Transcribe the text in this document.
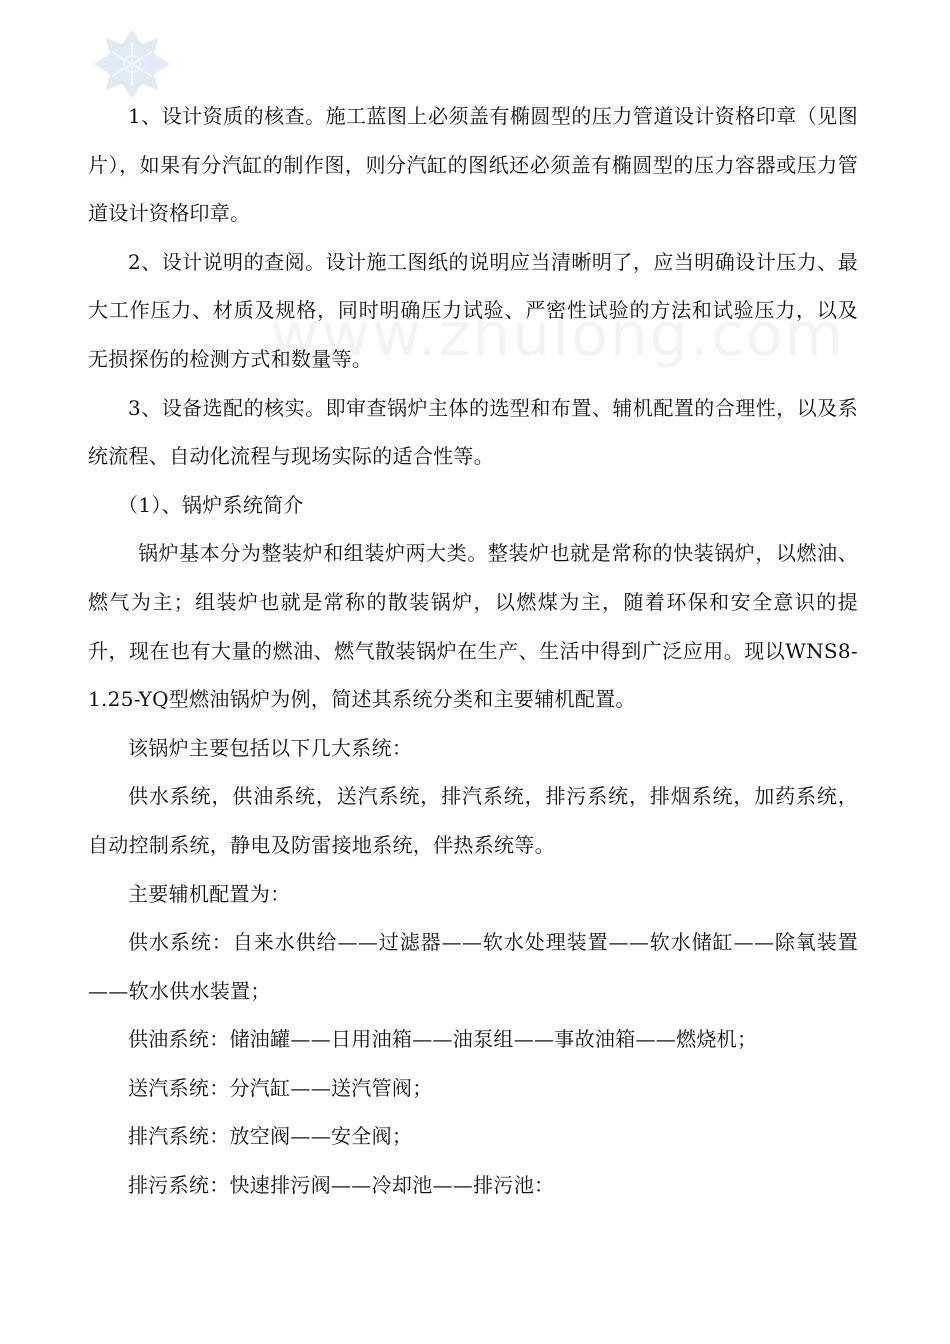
1、设计资质的核查。施工蓝图上必须盖有椭圆型的压力管道设计资格印章（见图片），如果有分汽缸的制作图，则分汽缸的图纸还必须盖有椭圆型的压力容器或压力管道设计资格印章。

2、设计说明的查阅。设计施工图纸的说明应当清晰明了，应当明确设计压力、最大工作压力、材质及规格，同时明确压力试验、严密性试验的方法和试验压力，以及无损探伤的检测方式和数量等。

3、设备选配的核实。即审查锅炉主体的选型和布置、辅机配置的合理性，以及系统流程、自动化流程与现场实际的适合性等。

（1）、锅炉系统简介

锅炉基本分为整装炉和组装炉两大类。整装炉也就是常称的快装锅炉，以燃油、燃气为主；组装炉也就是常称的散装锅炉，以燃煤为主，随着环保和安全意识的提升，现在也有大量的燃油、燃气散装锅炉在生产、生活中得到广泛应用。现以WNS8-1.25-YQ型燃油锅炉为例，简述其系统分类和主要辅机配置。

该锅炉主要包括以下几大系统：

供水系统，供油系统，送汽系统，排汽系统，排污系统，排烟系统，加药系统，自动控制系统，静电及防雷接地系统，伴热系统等。

主要辅机配置为：

供水系统：自来水供给——过滤器——软水处理装置——软水储缸——除氧装置——软水供水装置；

供油系统：储油罐——日用油箱——油泵组——事故油箱——燃烧机；

送汽系统：分汽缸——送汽管阀；

排汽系统：放空阀——安全阀；

排污系统：快速排污阀——冷却池——排污池：
